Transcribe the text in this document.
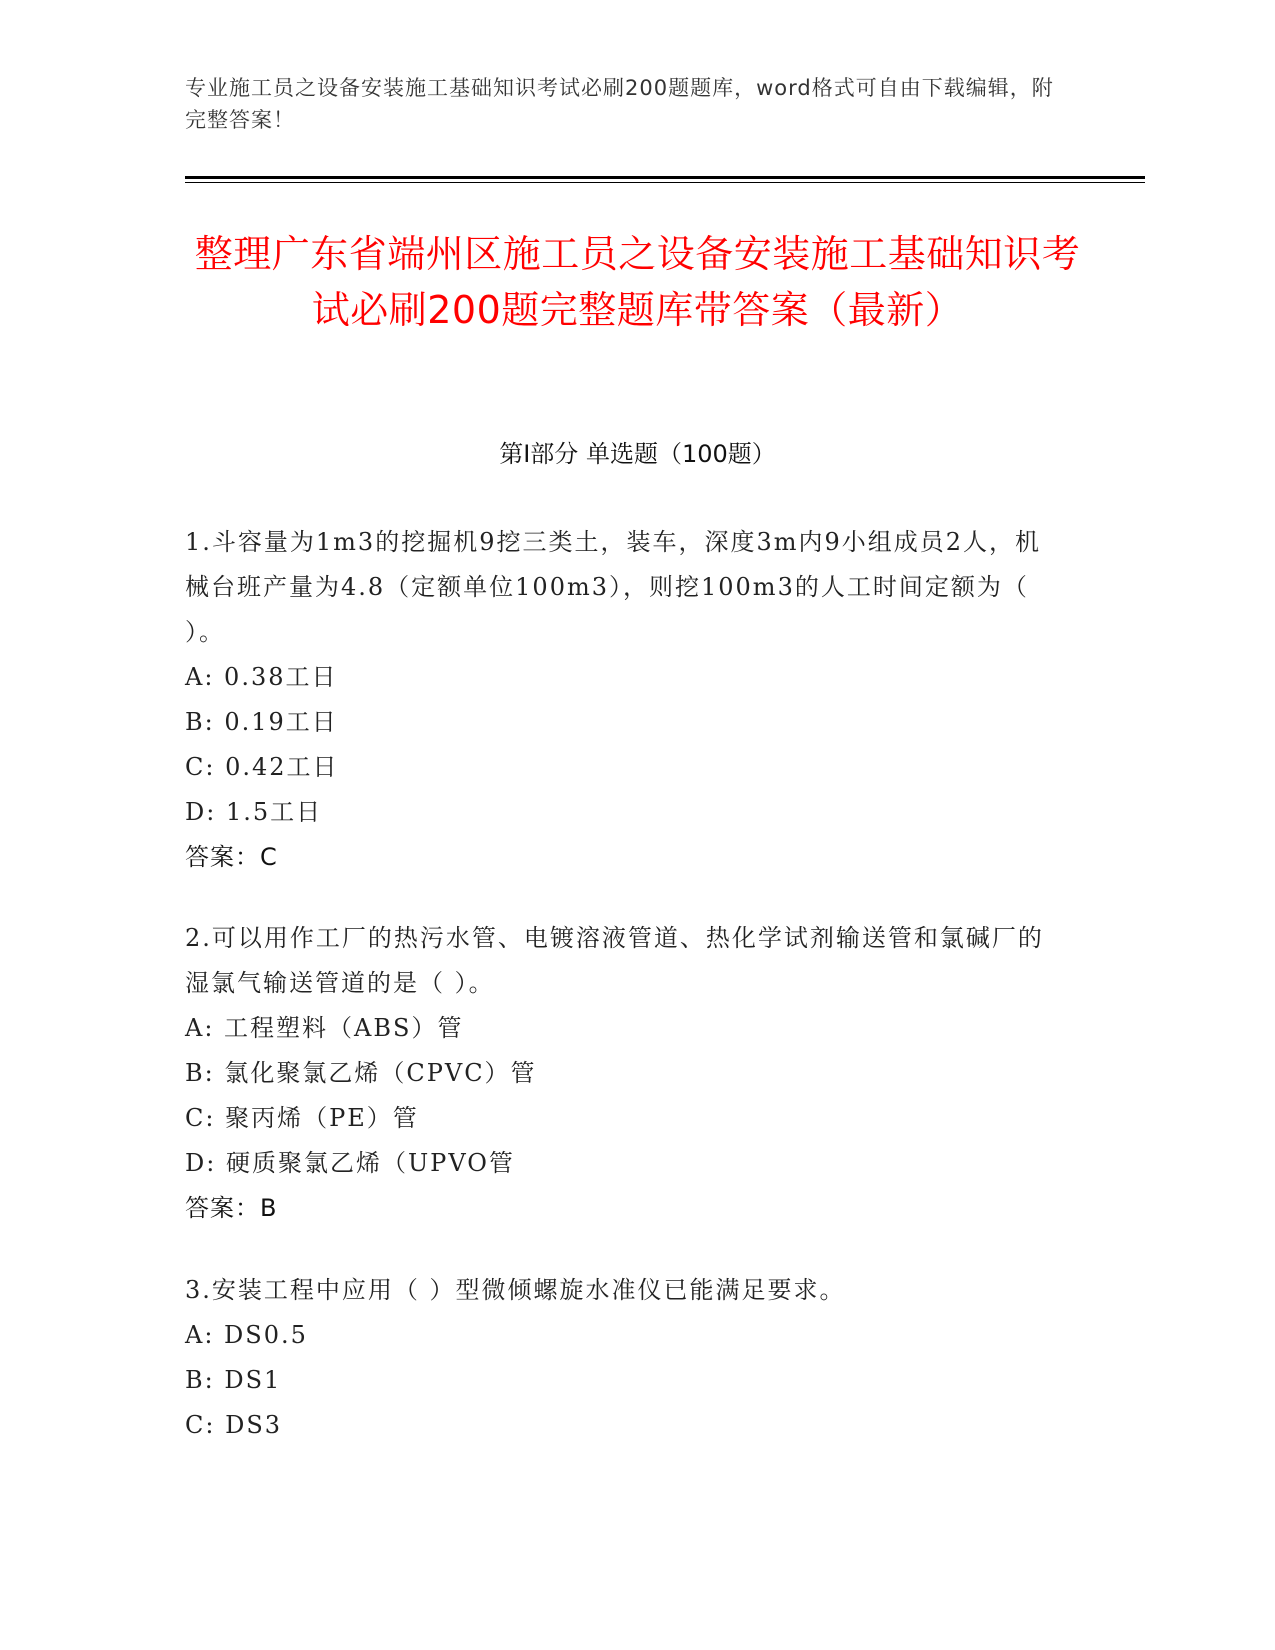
专业施工员之设备安装施工基础知识考试必刷200题题库，word格式可自由下载编辑，附完整答案！
整理广东省端州区施工员之设备安装施工基础知识考试必刷200题完整题库带答案（最新）
第I部分 单选题（100题）
1.斗容量为1m3的挖掘机9挖三类土，装车，深度3m内9小组成员2人，机械台班产量为4.8（定额单位100m3），则挖100m3的人工时间定额为（ ）。
A: 0.38工日
B: 0.19工日
C: 0.42工日
D: 1.5工日
答案：C
2.可以用作工厂的热污水管、电镀溶液管道、热化学试剂输送管和氯碱厂的湿氯气输送管道的是（ ）。
A: 工程塑料（ABS）管
B: 氯化聚氯乙烯（CPVC）管
C: 聚丙烯（PE）管
D: 硬质聚氯乙烯（UPVO管
答案：B
3.安装工程中应用（ ）型微倾螺旋水准仪已能满足要求。
A: DS0.5
B: DS1
C: DS3
